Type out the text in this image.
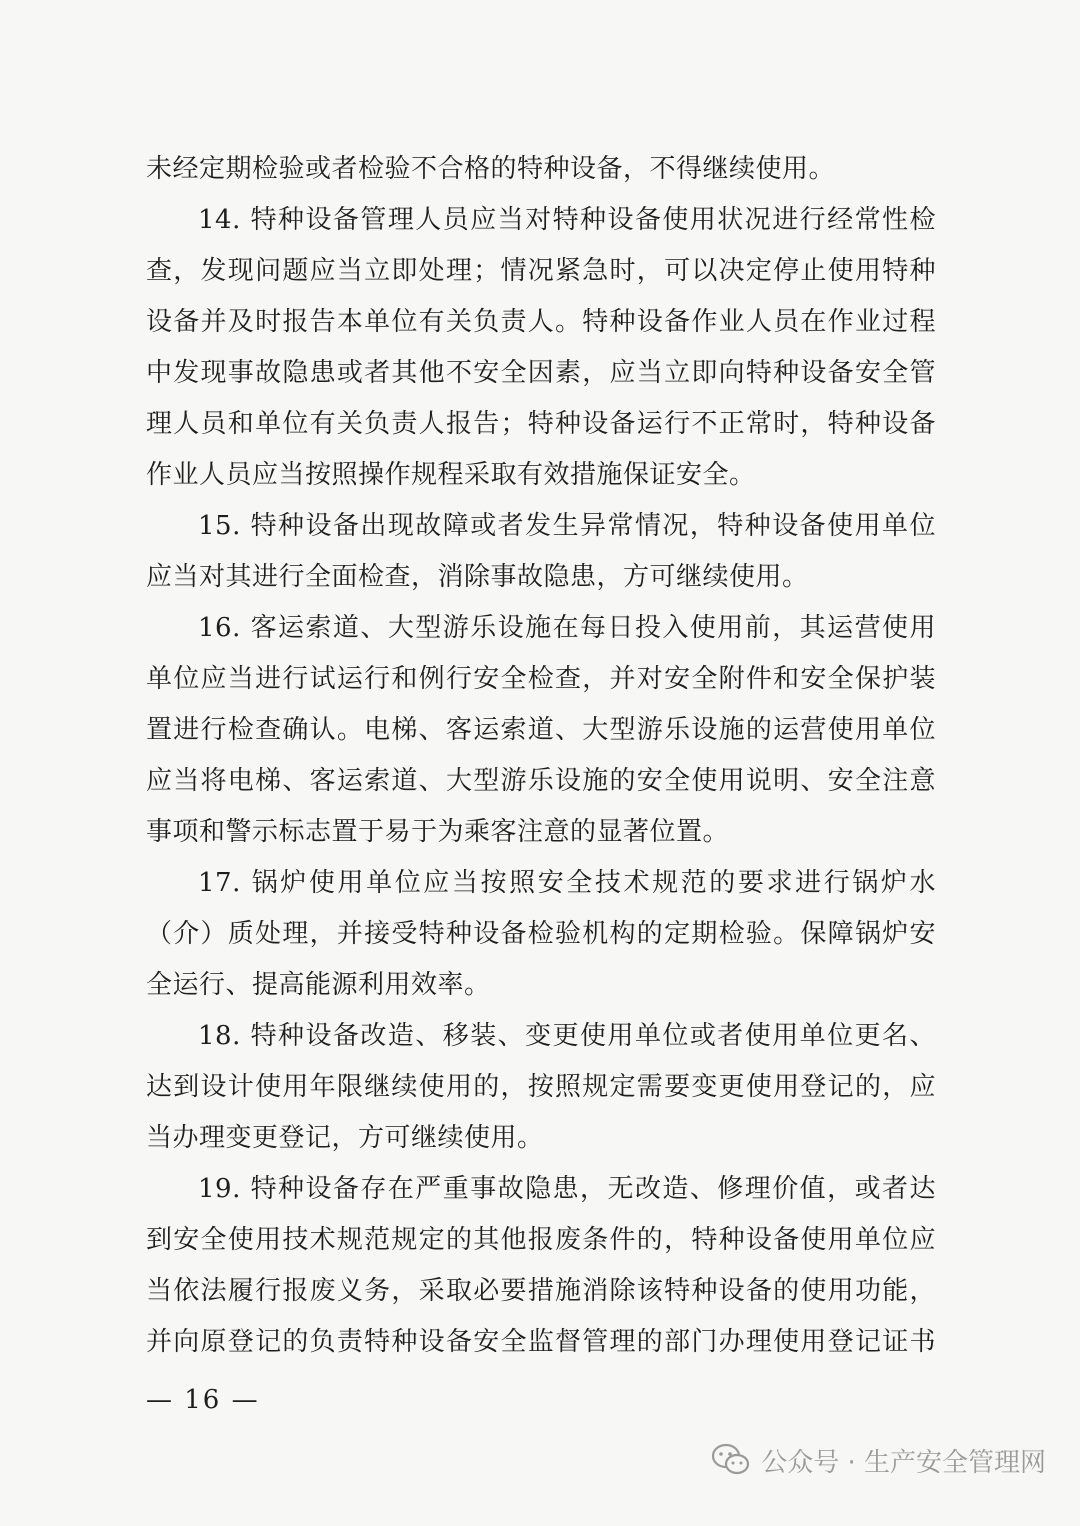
未经定期检验或者检验不合格的特种设备，不得继续使用。
14. 特种设备管理人员应当对特种设备使用状况进行经常性检
查，发现问题应当立即处理；情况紧急时，可以决定停止使用特种
设备并及时报告本单位有关负责人。特种设备作业人员在作业过程
中发现事故隐患或者其他不安全因素，应当立即向特种设备安全管
理人员和单位有关负责人报告；特种设备运行不正常时，特种设备
作业人员应当按照操作规程采取有效措施保证安全。
15. 特种设备出现故障或者发生异常情况，特种设备使用单位
应当对其进行全面检查，消除事故隐患，方可继续使用。
16. 客运索道、大型游乐设施在每日投入使用前，其运营使用
单位应当进行试运行和例行安全检查，并对安全附件和安全保护装
置进行检查确认。电梯、客运索道、大型游乐设施的运营使用单位
应当将电梯、客运索道、大型游乐设施的安全使用说明、安全注意
事项和警示标志置于易于为乘客注意的显著位置。
17. 锅炉使用单位应当按照安全技术规范的要求进行锅炉水
（介）质处理，并接受特种设备检验机构的定期检验。保障锅炉安
全运行、提高能源利用效率。
18. 特种设备改造、移装、变更使用单位或者使用单位更名、
达到设计使用年限继续使用的，按照规定需要变更使用登记的，应
当办理变更登记，方可继续使用。
19. 特种设备存在严重事故隐患，无改造、修理价值，或者达
到安全使用技术规范规定的其他报废条件的，特种设备使用单位应
当依法履行报废义务，采取必要措施消除该特种设备的使用功能，
并向原登记的负责特种设备安全监督管理的部门办理使用登记证书
— 16 —
公众号 · 生产安全管理网
